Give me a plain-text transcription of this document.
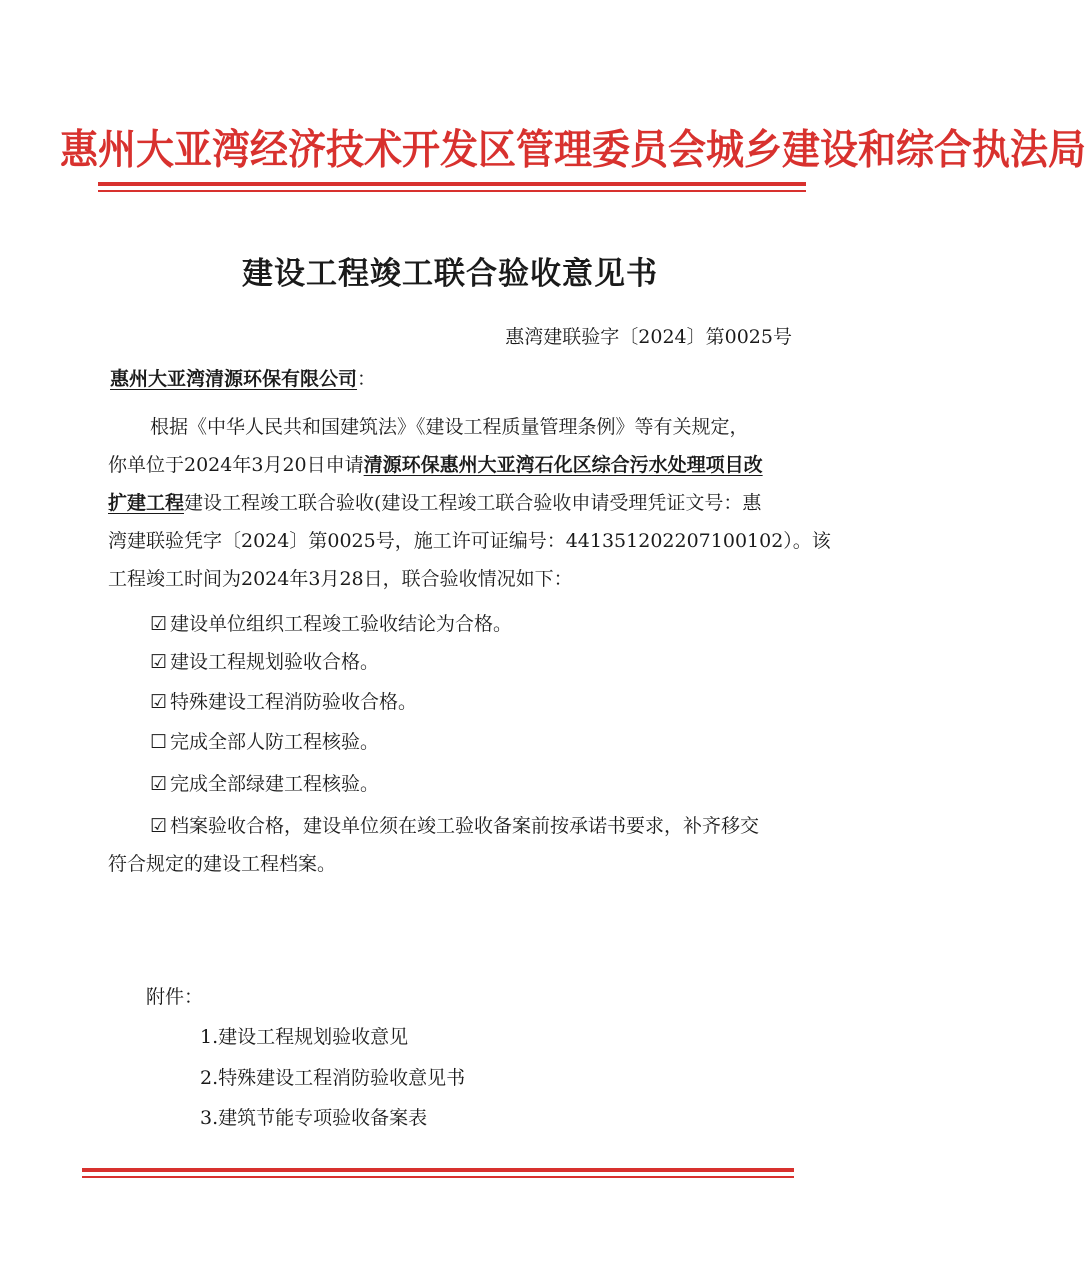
惠州大亚湾经济技术开发区管理委员会城乡建设和综合执法局
建设工程竣工联合验收意见书
惠湾建联验字〔2024〕第0025号
惠州大亚湾清源环保有限公司：
根据《中华人民共和国建筑法》《建设工程质量管理条例》等有关规定，
你单位于2024年3月20日申请清源环保惠州大亚湾石化区综合污水处理项目改
扩建工程建设工程竣工联合验收(建设工程竣工联合验收申请受理凭证文号：惠
湾建联验凭字〔2024〕第0025号，施工许可证编号：441351202207100102）。该
工程竣工时间为2024年3月28日，联合验收情况如下：
☑ 建设单位组织工程竣工验收结论为合格。
☑ 建设工程规划验收合格。
☑ 特殊建设工程消防验收合格。
☐ 完成全部人防工程核验。
☑ 完成全部绿建工程核验。
☑ 档案验收合格，建设单位须在竣工验收备案前按承诺书要求，补齐移交
符合规定的建设工程档案。
附件：
1.建设工程规划验收意见
2.特殊建设工程消防验收意见书
3.建筑节能专项验收备案表
